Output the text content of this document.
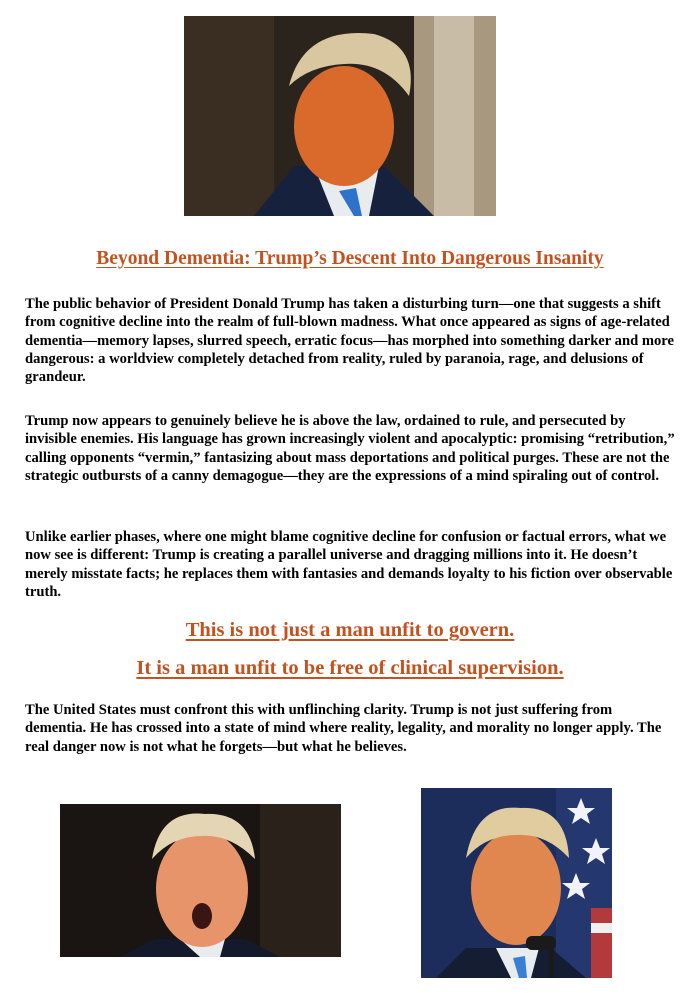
Beyond Dementia: Trump’s Descent Into Dangerous Insanity

The public behavior of President Donald Trump has taken a disturbing turn—one that suggests a shift from cognitive decline into the realm of full-blown madness. What once appeared as signs of age-related dementia—memory lapses, slurred speech, erratic focus—has morphed into something darker and more dangerous: a worldview completely detached from reality, ruled by paranoia, rage, and delusions of grandeur.

Trump now appears to genuinely believe he is above the law, ordained to rule, and persecuted by invisible enemies. His language has grown increasingly violent and apocalyptic: promising “retribution,” calling opponents “vermin,” fantasizing about mass deportations and political purges. These are not the strategic outbursts of a canny demagogue—they are the expressions of a mind spiraling out of control.

Unlike earlier phases, where one might blame cognitive decline for confusion or factual errors, what we now see is different: Trump is creating a parallel universe and dragging millions into it. He doesn’t merely misstate facts; he replaces them with fantasies and demands loyalty to his fiction over observable truth.

This is not just a man unfit to govern.
It is a man unfit to be free of clinical supervision.

The United States must confront this with unflinching clarity. Trump is not just suffering from dementia. He has crossed into a state of mind where reality, legality, and morality no longer apply. The real danger now is not what he forgets—but what he believes.
